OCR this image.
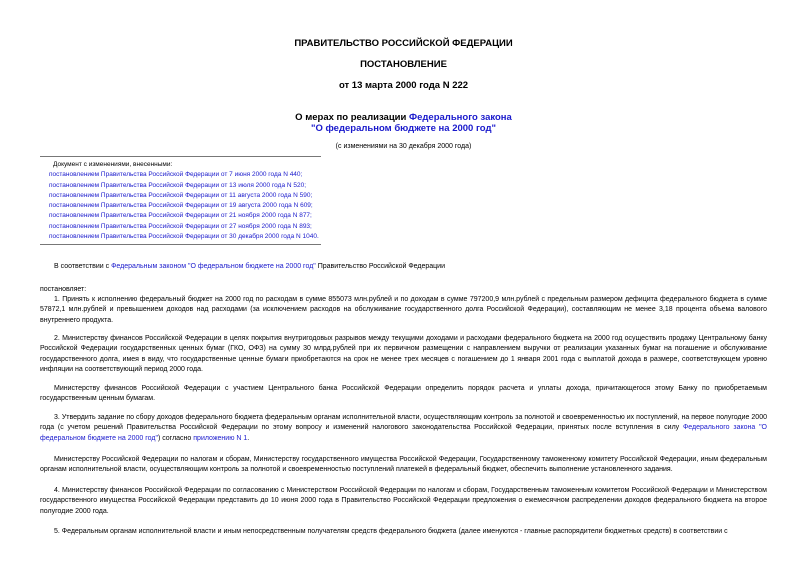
ПРАВИТЕЛЬСТВО РОССИЙСКОЙ ФЕДЕРАЦИИ
ПОСТАНОВЛЕНИЕ
от 13 марта 2000 года N 222
О мерах по реализации Федерального закона
"О федеральном бюджете на 2000 год"
(с изменениями на 30 декабря 2000 года)
Документ с изменениями, внесенными:
постановлением Правительства Российской Федерации от 7 июня 2000 года N 440;
постановлением Правительства Российской Федерации от 13 июля 2000 года N 520;
постановлением Правительства Российской Федерации от 11 августа 2000 года N 590;
постановлением Правительства Российской Федерации от 19 августа 2000 года N 609;
постановлением Правительства Российской Федерации от 21 ноября 2000 года N 877;
постановлением Правительства Российской Федерации от 27 ноября 2000 года N 893;
постановлением Правительства Российской Федерации от 30 декабря 2000 года N 1040.
В соответствии с Федеральным законом "О федеральном бюджете на 2000 год" Правительство Российской Федерации
постановляет:
1. Принять к исполнению федеральный бюджет на 2000 год по расходам в сумме 855073 млн.рублей и по доходам в сумме 797200,9 млн.рублей с предельным размером дефицита федерального бюджета в сумме 57872,1 млн.рублей и превышением доходов над расходами (за исключением расходов на обслуживание государственного долга Российской Федерации), составляющим не менее 3,18 процента объема валового внутреннего продукта.
2. Министерству финансов Российской Федерации в целях покрытия внутригодовых разрывов между текущими доходами и расходами федерального бюджета на 2000 год осуществить продажу Центральному банку Российской Федерации государственных ценных бумаг (ГКО, ОФЗ) на сумму 30 млрд.рублей при их первичном размещении с направлением выручки от реализации указанных бумаг на погашение и обслуживание государственного долга, имея в виду, что государственные ценные бумаги приобретаются на срок не менее трех месяцев с погашением до 1 января 2001 года с выплатой дохода в размере, соответствующем уровню инфляции на соответствующий период 2000 года.
Министерству финансов Российской Федерации с участием Центрального банка Российской Федерации определить порядок расчета и уплаты дохода, причитающегося этому Банку по приобретаемым государственным ценным бумагам.
3. Утвердить задание по сбору доходов федерального бюджета федеральным органам исполнительной власти, осуществляющим контроль за полнотой и своевременностью их поступлений, на первое полугодие 2000 года (с учетом решений Правительства Российской Федерации по этому вопросу и изменений налогового законодательства Российской Федерации, принятых после вступления в силу Федерального закона "О федеральном бюджете на 2000 год") согласно приложению N 1.
Министерству Российской Федерации по налогам и сборам, Министерству государственного имущества Российской Федерации, Государственному таможенному комитету Российской Федерации, иным федеральным органам исполнительной власти, осуществляющим контроль за полнотой и своевременностью поступлений платежей в федеральный бюджет, обеспечить выполнение установленного задания.
4. Министерству финансов Российской Федерации по согласованию с Министерством Российской Федерации по налогам и сборам, Государственным таможенным комитетом Российской Федерации и Министерством государственного имущества Российской Федерации представить до 10 июня 2000 года в Правительство Российской Федерации предложения о ежемесячном распределении доходов федерального бюджета на второе полугодие 2000 года.
5. Федеральным органам исполнительной власти и иным непосредственным получателям средств федерального бюджета (далее именуются - главные распорядители бюджетных средств) в соответствии с
